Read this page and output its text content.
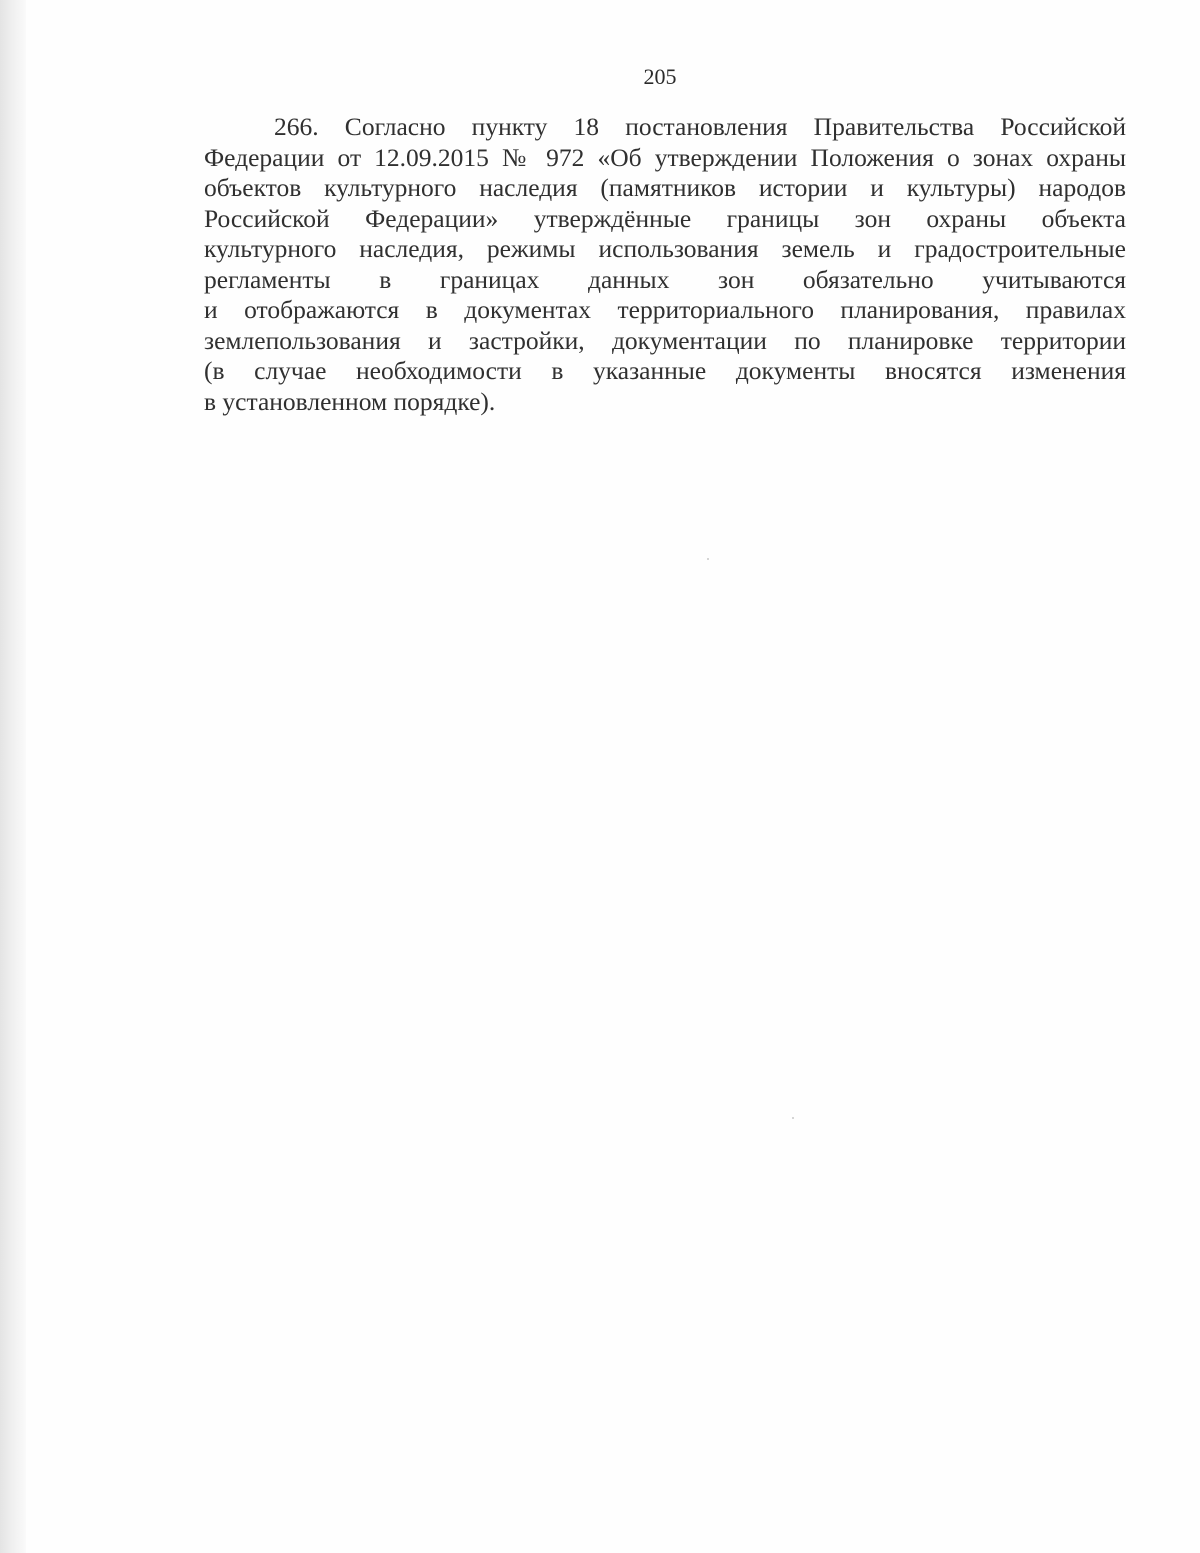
205
266. Согласно пункту 18 постановления Правительства Российской
Федерации от 12.09.2015 № 972 «Об утверждении Положения о зонах охраны
объектов культурного наследия (памятников истории и культуры) народов
Российской Федерации» утверждённые границы зон охраны объекта
культурного наследия, режимы использования земель и градостроительные
регламенты в границах данных зон обязательно учитываются
и отображаются в документах территориального планирования, правилах
землепользования и застройки, документации по планировке территории
(в случае необходимости в указанные документы вносятся изменения
в установленном порядке).
